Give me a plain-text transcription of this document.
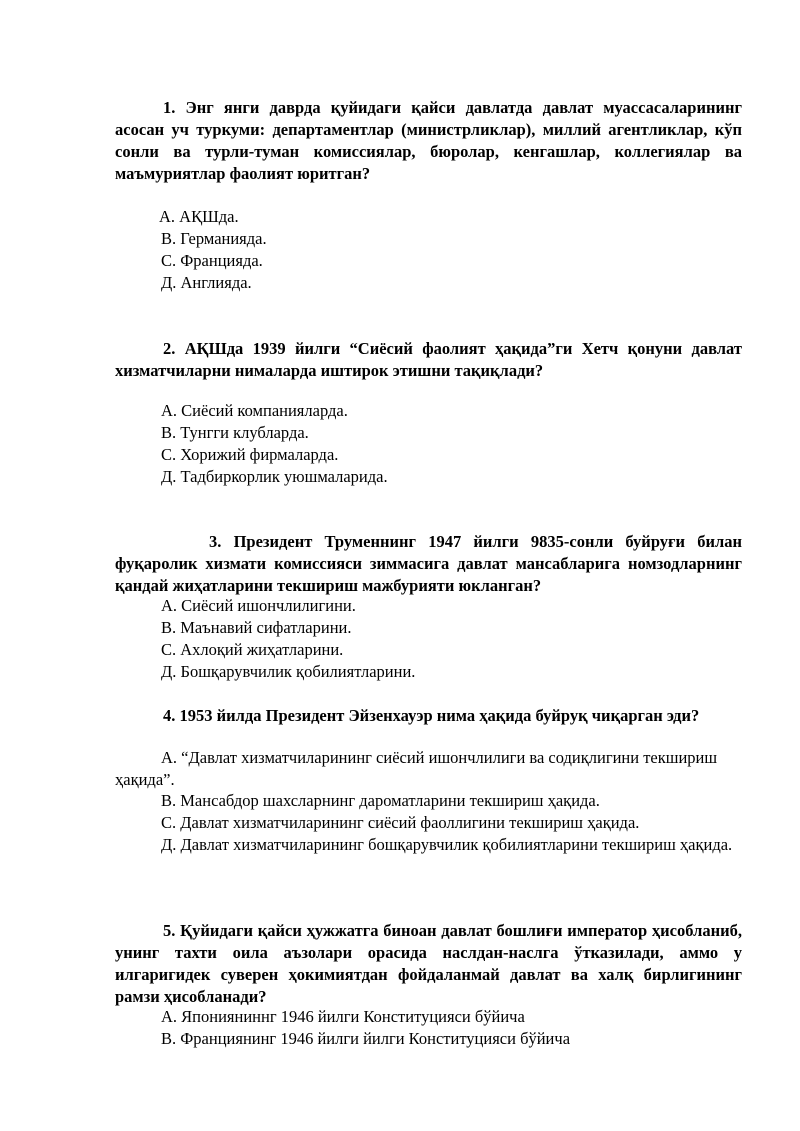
1. Энг янги даврда қуйидаги қайси давлатда давлат муассасаларининг асосан уч туркуми: департаментлар (министрликлар), миллий агентликлар, кўп сонли ва турли-туман комиссиялар, бюролар, кенгашлар, коллегиялар ва маъмуриятлар фаолият юритган?

А. АҚШда.
В. Германияда.
С. Францияда.
Д. Англияда.

2. АҚШда 1939 йилги “Сиёсий фаолият ҳақида”ги Хетч қонуни давлат хизматчиларни нималарда иштирок этишни тақиқлади?

А. Сиёсий компанияларда.
В. Тунгги клубларда.
С. Хорижий фирмаларда.
Д. Тадбиркорлик уюшмаларида.

3. Президент Труменнинг 1947 йилги 9835-сонли буйруғи билан фуқаролик хизмати комиссияси зиммасига давлат мансабларига номзодларнинг қандай жиҳатларини текшириш мажбурияти юкланган?

А. Сиёсий ишончлилигини.
В. Маънавий сифатларини.
С. Ахлоқий жиҳатларини.
Д. Бошқарувчилик қобилиятларини.

4. 1953 йилда Президент Эйзенхауэр нима ҳақида буйруқ чиқарган эди?

А. “Давлат хизматчиларининг сиёсий ишончлилиги ва содиқлигини текшириш ҳақида”.

В. Мансабдор шахсларнинг дароматларини текшириш ҳақида.
С. Давлат хизматчиларининг сиёсий фаоллигини текшириш ҳақида.

Д. Давлат хизматчиларининг бошқарувчилик қобилиятларини текшириш ҳақида.

5. Қуйидаги қайси ҳужжатга биноан давлат бошлиғи император ҳисобланиб, унинг тахти оила аъзолари орасида наслдан-наслга ўтказилади, аммо у илгаригидек суверен ҳокимиятдан фойдаланмай давлат ва халқ бирлигининг рамзи ҳисобланади?

А. Японияниннг 1946 йилги Конституцияси бўйича
В. Франциянинг 1946 йилги йилги Конституцияси бўйича
